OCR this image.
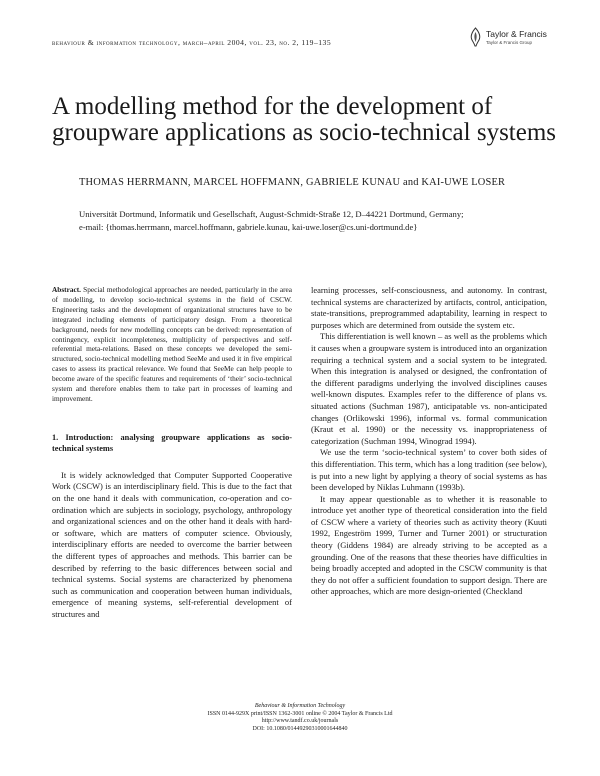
behaviour & information technology, march–april 2004, vol. 23, no. 2, 119–135
Taylor & Francis
Taylor & Francis Group
A modelling method for the development of groupware applications as socio-technical systems
THOMAS HERRMANN, MARCEL HOFFMANN, GABRIELE KUNAU and KAI-UWE LOSER
Universität Dortmund, Informatik und Gesellschaft, August-Schmidt-Straße 12, D–44221 Dortmund, Germany;
e-mail: {thomas.herrmann, marcel.hoffmann, gabriele.kunau, kai-uwe.loser@cs.uni-dortmund.de}

Abstract. Special methodological approaches are needed, particularly in the area of modelling, to develop socio-technical systems in the field of CSCW. Engineering tasks and the development of organizational structures have to be integrated including elements of participatory design. From a theoretical background, needs for new modelling concepts can be derived: representation of contingency, explicit incompleteness, multiplicity of perspectives and self-referential meta-relations. Based on these concepts we developed the semi-structured, socio-technical modelling method SeeMe and used it in five empirical cases to assess its practical relevance. We found that SeeMe can help people to become aware of the specific features and requirements of ‘their’ socio-technical system and therefore enables them to take part in processes of learning and improvement.

1. Introduction: analysing groupware applications as socio-technical systems

It is widely acknowledged that Computer Supported Cooperative Work (CSCW) is an interdisciplinary field. This is due to the fact that on the one hand it deals with communication, co-operation and co-ordination which are subjects in sociology, psychology, anthropology and organizational sciences and on the other hand it deals with hard- or software, which are matters of computer science. Obviously, interdisciplinary efforts are needed to overcome the barrier between the different types of approaches and methods. This barrier can be described by referring to the basic differences between social and technical systems. Social systems are characterized by phenomena such as communication and cooperation between human individuals, emergence of meaning systems, self-referential development of structures and

learning processes, self-consciousness, and autonomy. In contrast, technical systems are characterized by artifacts, control, anticipation, state-transitions, preprogrammed adaptability, learning in respect to purposes which are determined from outside the system etc.

This differentiation is well known – as well as the problems which it causes when a groupware system is introduced into an organization requiring a technical system and a social system to be integrated. When this integration is analysed or designed, the confrontation of the different paradigms underlying the involved disciplines causes well-known disputes. Examples refer to the difference of plans vs. situated actions (Suchman 1987), anticipatable vs. non-anticipated changes (Orlikowski 1996), informal vs. formal communication (Kraut et al. 1990) or the necessity vs. inappropriateness of categorization (Suchman 1994, Winograd 1994).

We use the term ‘socio-technical system’ to cover both sides of this differentiation. This term, which has a long tradition (see below), is put into a new light by applying a theory of social systems as has been developed by Niklas Luhmann (1993b).

It may appear questionable as to whether it is reasonable to introduce yet another type of theoretical consideration into the field of CSCW where a variety of theories such as activity theory (Kuuti 1992, Engeström 1999, Turner and Turner 2001) or structuration theory (Giddens 1984) are already striving to be accepted as a grounding. One of the reasons that these theories have difficulties in being broadly accepted and adopted in the CSCW community is that they do not offer a sufficient foundation to support design. There are other approaches, which are more design-oriented (Checkland

Behaviour & Information Technology
ISSN 0144-929X print/ISSN 1362-3001 online © 2004 Taylor & Francis Ltd
http://www.tandf.co.uk/journals
DOI: 10.1080/01449290310001644840
